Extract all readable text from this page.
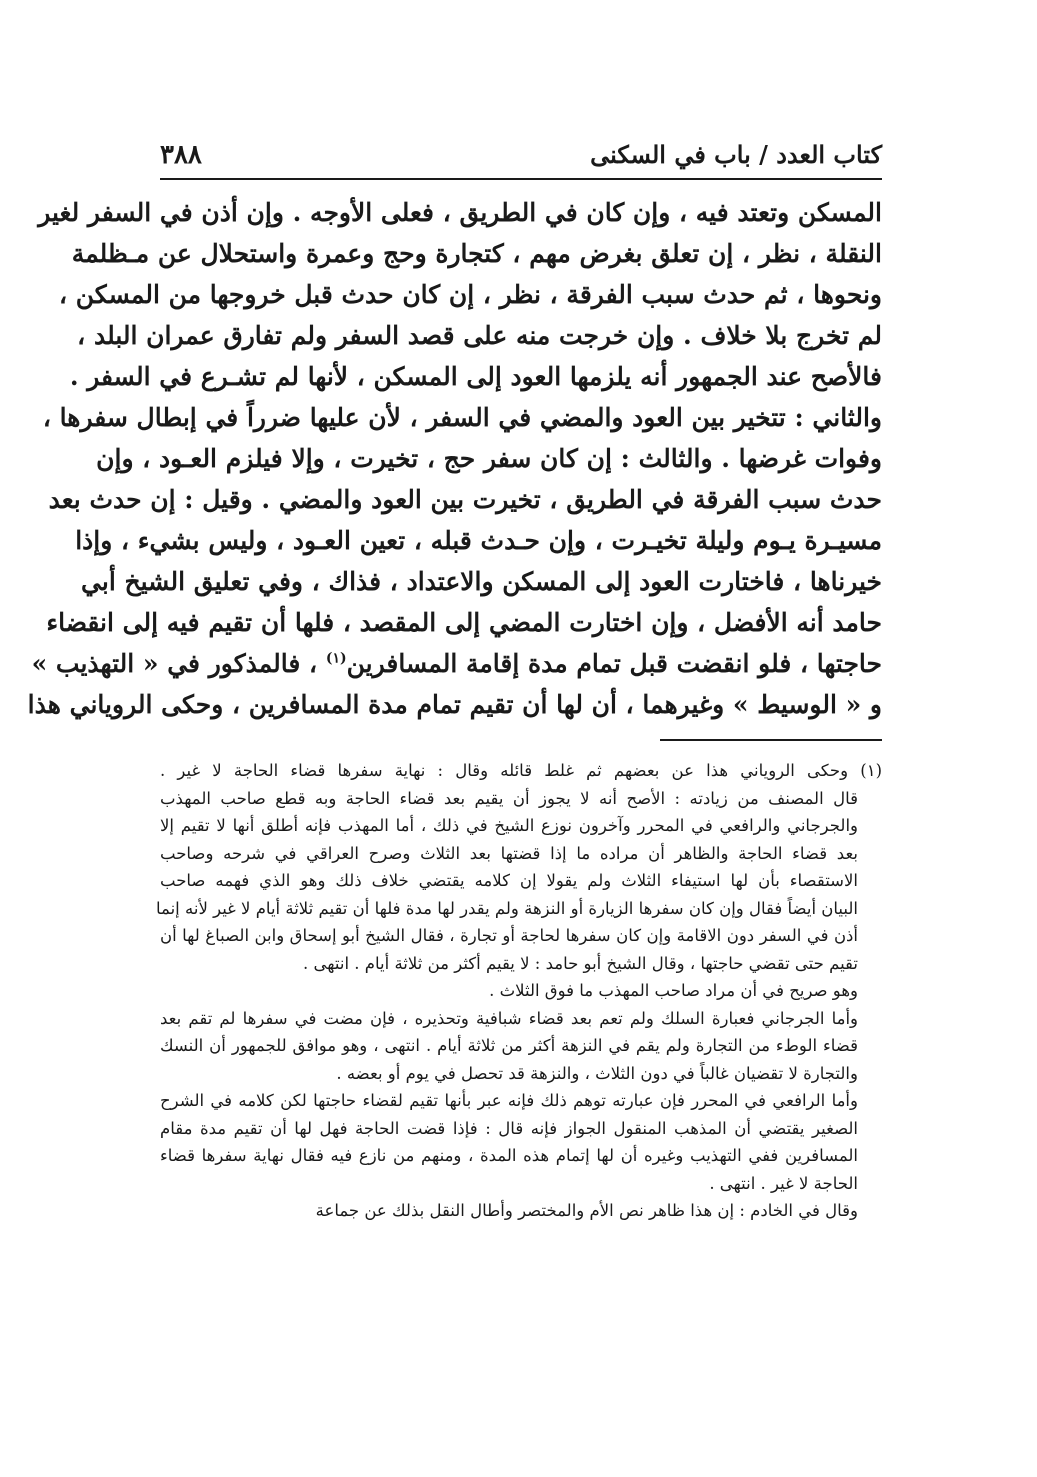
كتاب العدد / باب في السكنى
٣٨٨
المسكن وتعتد فيه ، وإن كان في الطريق ، فعلى الأوجه . وإن أذن في السفر لغير
النقلة ، نظر ، إن تعلق بغرض مهم ، كتجارة وحج وعمرة واستحلال عن مـظلمة
ونحوها ، ثم حدث سبب الفرقة ، نظر ، إن كان حدث قبل خروجها من المسكن ،
لم تخرج بلا خلاف . وإن خرجت منه على قصد السفر ولم تفارق عمران البلد ،
فالأصح عند الجمهور أنه يلزمها العود إلى المسكن ، لأنها لم تشـرع في السفر .
والثاني : تتخير بين العود والمضي في السفر ، لأن عليها ضرراً في إبطال سفرها ،
وفوات غرضها . والثالث : إن كان سفر حج ، تخيرت ، وإلا فيلزم العـود ، وإن
حدث سبب الفرقة في الطريق ، تخيرت بين العود والمضي . وقيل : إن حدث بعد
مسيـرة يـوم وليلة تخيـرت ، وإن حـدث قبله ، تعين العـود ، وليس بشيء ، وإذا
خيرناها ، فاختارت العود إلى المسكن والاعتداد ، فذاك ، وفي تعليق الشيخ أبي
حامد أنه الأفضل ، وإن اختارت المضي إلى المقصد ، فلها أن تقيم فيه إلى انقضاء
حاجتها ، فلو انقضت قبل تمام مدة إقامة المسافرين$^{(١)}$ ، فالمذكور في « التهذيب »
و « الوسيط » وغيرهما ، أن لها أن تقيم تمام مدة المسافرين ، وحكى الروياني هذا
(١) وحكى الروياني هذا عن بعضهم ثم غلط قائله وقال : نهاية سفرها قضاء الحاجة لا غير .
قال المصنف من زيادته : الأصح أنه لا يجوز أن يقيم بعد قضاء الحاجة وبه قطع صاحب المهذب
والجرجاني والرافعي في المحرر وآخرون نوزع الشيخ في ذلك ، أما المهذب فإنه أطلق أنها لا تقيم إلا
بعد قضاء الحاجة والظاهر أن مراده ما إذا قضتها بعد الثلاث وصرح العراقي في شرحه وصاحب
الاستقصاء بأن لها استيفاء الثلاث ولم يقولا إن كلامه يقتضي خلاف ذلك وهو الذي فهمه صاحب
البيان أيضاً فقال وإن كان سفرها الزيارة أو النزهة ولم يقدر لها مدة فلها أن تقيم ثلاثة أيام لا غير لأنه إنما
أذن في السفر دون الاقامة وإن كان سفرها لحاجة أو تجارة ، فقال الشيخ أبو إسحاق وابن الصباغ لها أن
تقيم حتى تقضي حاجتها ، وقال الشيخ أبو حامد : لا يقيم أكثر من ثلاثة أيام . انتهى .
وهو صريح في أن مراد صاحب المهذب ما فوق الثلاث .
وأما الجرجاني فعبارة السلك ولم تعم بعد قضاء شبافية وتحذيره ، فإن مضت في سفرها لم تقم بعد
قضاء الوطء من التجارة ولم يقم في النزهة أكثر من ثلاثة أيام . انتهى ، وهو موافق للجمهور أن النسك
والتجارة لا تقضيان غالباً في دون الثلاث ، والنزهة قد تحصل في يوم أو بعضه .
وأما الرافعي في المحرر فإن عبارته توهم ذلك فإنه عبر بأنها تقيم لقضاء حاجتها لكن كلامه في الشرح
الصغير يقتضي أن المذهب المنقول الجواز فإنه قال : فإذا قضت الحاجة فهل لها أن تقيم مدة مقام
المسافرين ففي التهذيب وغيره أن لها إتمام هذه المدة ، ومنهم من نازع فيه فقال نهاية سفرها قضاء
الحاجة لا غير . انتهى .
وقال في الخادم : إن هذا ظاهر نص الأم والمختصر وأطال النقل بذلك عن جماعة
